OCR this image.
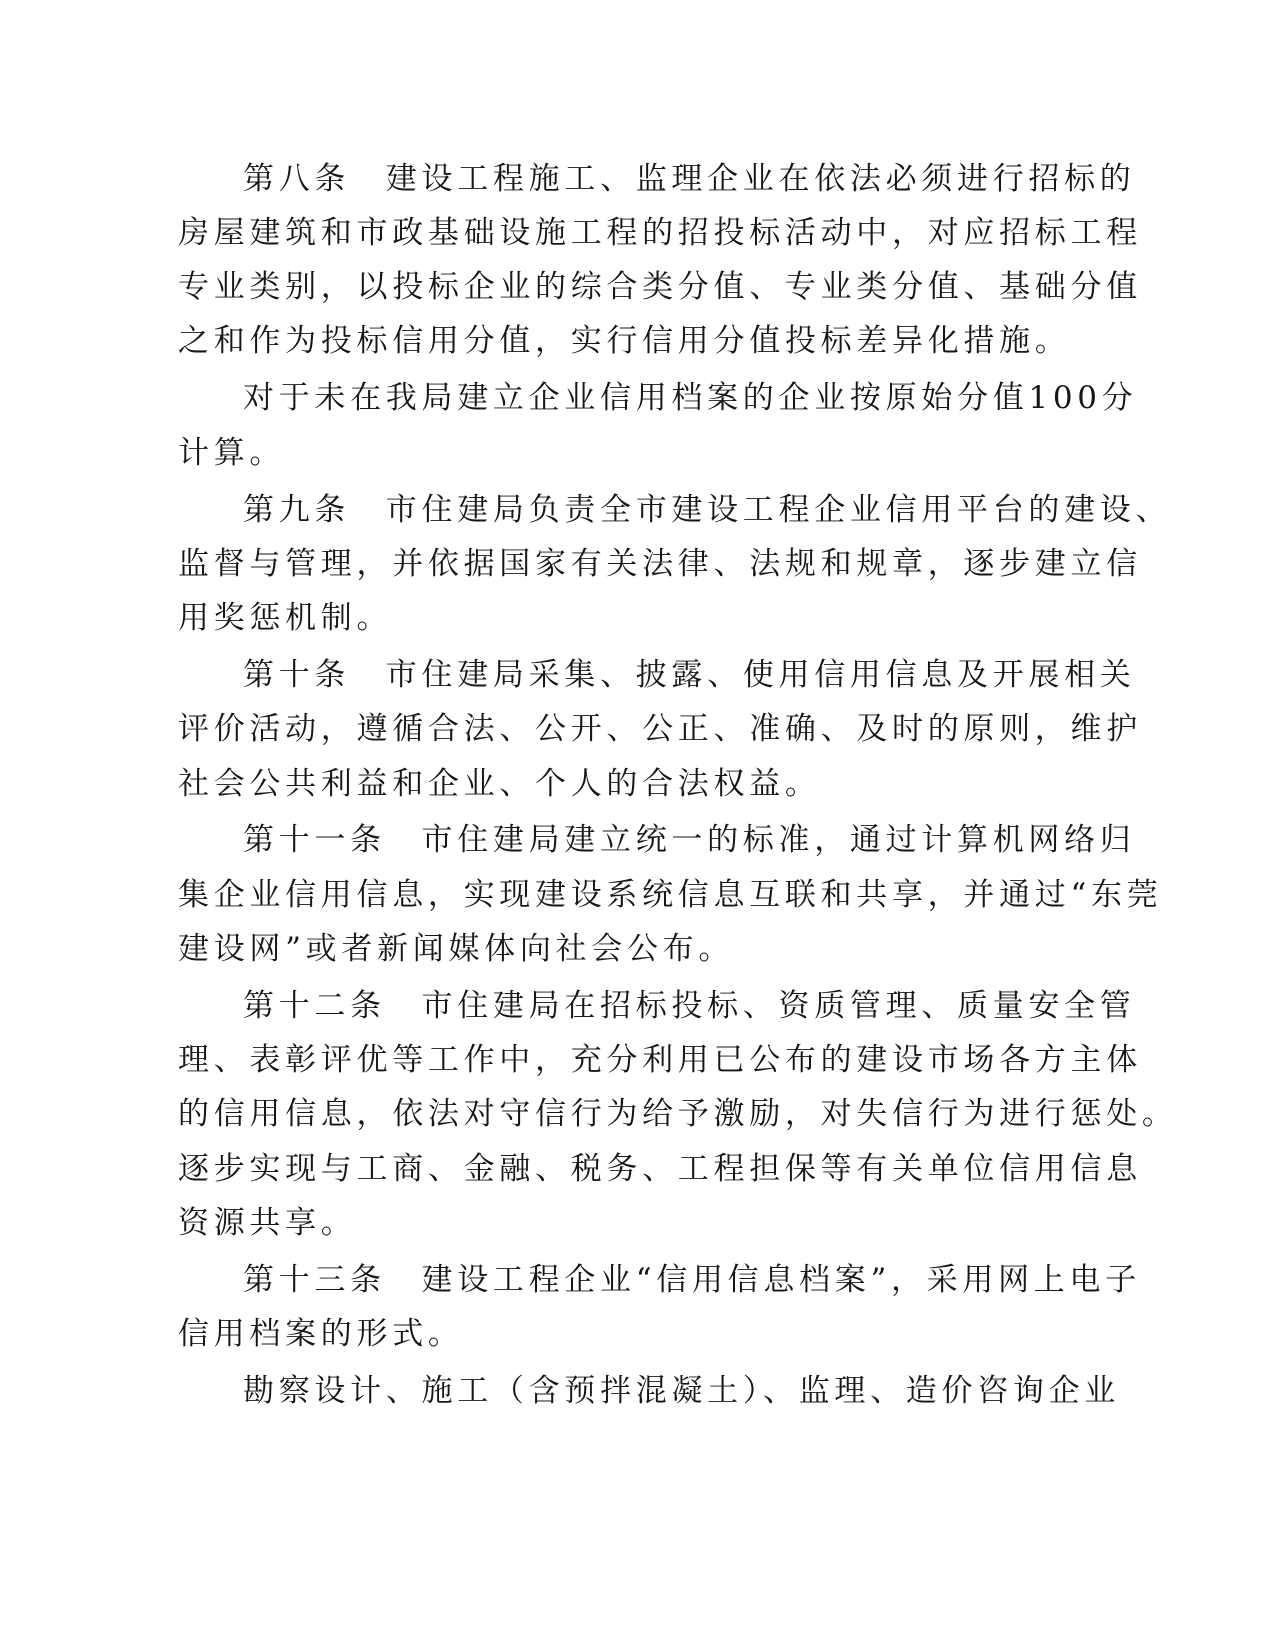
第八条　建设工程施工、监理企业在依法必须进行招标的
房屋建筑和市政基础设施工程的招投标活动中，对应招标工程
专业类别，以投标企业的综合类分值、专业类分值、基础分值
之和作为投标信用分值，实行信用分值投标差异化措施。
对于未在我局建立企业信用档案的企业按原始分值100分
计算。
第九条　市住建局负责全市建设工程企业信用平台的建设、
监督与管理，并依据国家有关法律、法规和规章，逐步建立信
用奖惩机制。
第十条　市住建局采集、披露、使用信用信息及开展相关
评价活动，遵循合法、公开、公正、准确、及时的原则，维护
社会公共利益和企业、个人的合法权益。
第十一条　市住建局建立统一的标准，通过计算机网络归
集企业信用信息，实现建设系统信息互联和共享，并通过“东莞
建设网”或者新闻媒体向社会公布。
第十二条　市住建局在招标投标、资质管理、质量安全管
理、表彰评优等工作中，充分利用已公布的建设市场各方主体
的信用信息，依法对守信行为给予激励，对失信行为进行惩处。
逐步实现与工商、金融、税务、工程担保等有关单位信用信息
资源共享。
第十三条　建设工程企业“信用信息档案”，采用网上电子
信用档案的形式。
勘察设计、施工（含预拌混凝土）、监理、造价咨询企业
